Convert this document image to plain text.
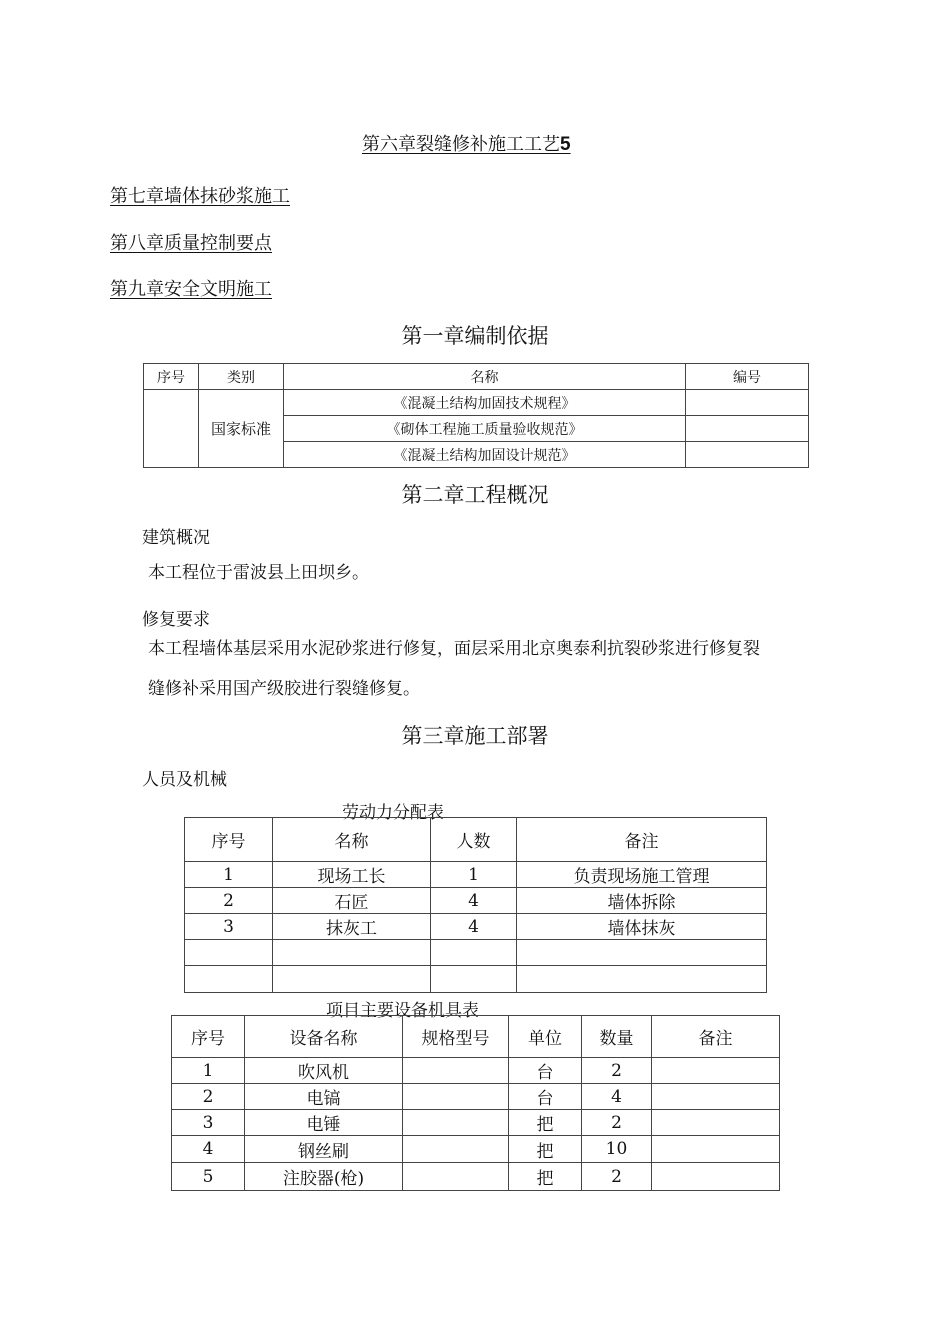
第六章裂缝修补施工工艺5
第七章墙体抹砂浆施工
第八章质量控制要点
第九章安全文明施工
第一章编制依据
序号	类别	名称	编号
	国家标准	《混凝土结构加固技术规程》	
		《砌体工程施工质量验收规范》	
		《混凝土结构加固设计规范》	
第二章工程概况
建筑概况
本工程位于雷波县上田坝乡。
修复要求
本工程墙体基层采用水泥砂浆进行修复，面层采用北京奥泰利抗裂砂浆进行修复裂
缝修补采用国产级胶进行裂缝修复。
第三章施工部署
人员及机械
劳动力分配表
序号	名称	人数	备注
1	现场工长	1	负责现场施工管理
2	石匠	4	墙体拆除
3	抹灰工	4	墙体抹灰

项目主要设备机具表
序号	设备名称	规格型号	单位	数量	备注
1	吹风机		台	2	
2	电镐		台	4	
3	电锤		把	2	
4	钢丝刷		把	10	
5	注胶器(枪)		把	2	
